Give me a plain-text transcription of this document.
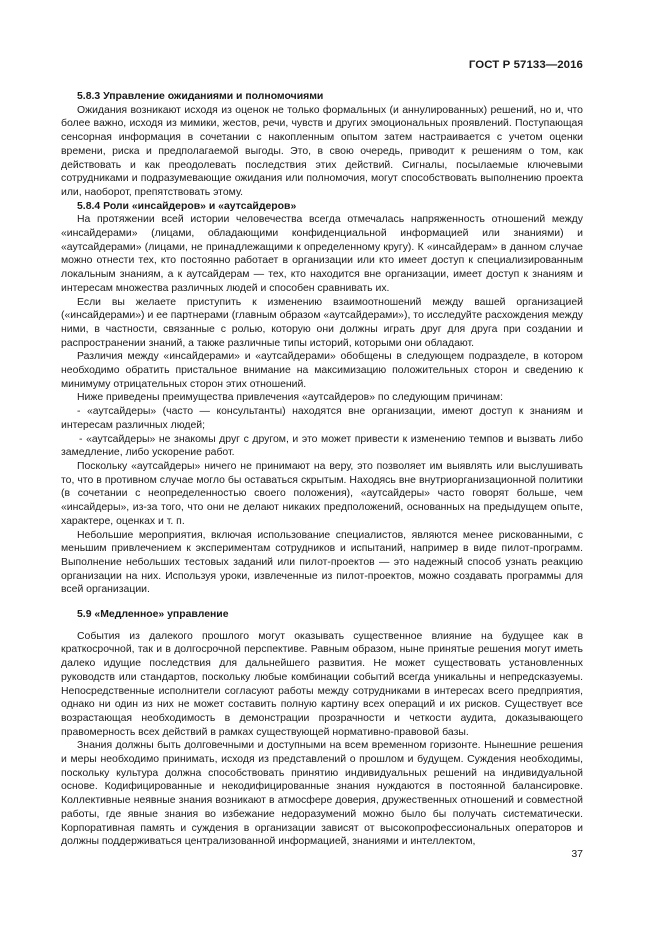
ГОСТ Р 57133—2016

5.8.3 Управление ожиданиями и полномочиями

Ожидания возникают исходя из оценок не только формальных (и аннулированных) решений, но и, что более важно, исходя из мимики, жестов, речи, чувств и других эмоциональных проявлений. Поступающая сенсорная информация в сочетании с накопленным опытом затем настраивается с учетом оценки времени, риска и предполагаемой выгоды. Это, в свою очередь, приводит к решениям о том, как действовать и как преодолевать последствия этих действий. Сигналы, посылаемые ключевыми сотрудниками и подразумевающие ожидания или полномочия, могут способствовать выполнению проекта или, наоборот, препятствовать этому.

5.8.4 Роли «инсайдеров» и «аутсайдеров»

На протяжении всей истории человечества всегда отмечалась напряженность отношений между «инсайдерами» (лицами, обладающими конфиденциальной информацией или знаниями) и «аутсайдерами» (лицами, не принадлежащими к определенному кругу). К «инсайдерам» в данном случае можно отнести тех, кто постоянно работает в организации или кто имеет доступ к специализированным локальным знаниям, а к аутсайдерам — тех, кто находится вне организации, имеет доступ к знаниям и интересам множества различных людей и способен сравнивать их.

Если вы желаете приступить к изменению взаимоотношений между вашей организацией («инсайдерами») и ее партнерами (главным образом «аутсайдерами»), то исследуйте расхождения между ними, в частности, связанные с ролью, которую они должны играть друг для друга при создании и распространении знаний, а также различные типы историй, которыми они обладают.

Различия между «инсайдерами» и «аутсайдерами» обобщены в следующем подразделе, в котором необходимо обратить пристальное внимание на максимизацию положительных сторон и сведению к минимуму отрицательных сторон этих отношений.

Ниже приведены преимущества привлечения «аутсайдеров» по следующим причинам:

- «аутсайдеры» (часто — консультанты) находятся вне организации, имеют доступ к знаниям и интересам различных людей;

- «аутсайдеры» не знакомы друг с другом, и это может привести к изменению темпов и вызвать либо замедление, либо ускорение работ.

Поскольку «аутсайдеры» ничего не принимают на веру, это позволяет им выявлять или выслушивать то, что в противном случае могло бы оставаться скрытым. Находясь вне внутриорганизационной политики (в сочетании с неопределенностью своего положения), «аутсайдеры» часто говорят больше, чем «инсайдеры», из-за того, что они не делают никаких предположений, основанных на предыдущем опыте, характере, оценках и т. п.

Небольшие мероприятия, включая использование специалистов, являются менее рискованными, с меньшим привлечением к экспериментам сотрудников и испытаний, например в виде пилот-программ. Выполнение небольших тестовых заданий или пилот-проектов — это надежный способ узнать реакцию организации на них. Используя уроки, извлеченные из пилот-проектов, можно создавать программы для всей организации.

5.9 «Медленное» управление

События из далекого прошлого могут оказывать существенное влияние на будущее как в краткосрочной, так и в долгосрочной перспективе. Равным образом, ныне принятые решения могут иметь далеко идущие последствия для дальнейшего развития. Не может существовать установленных руководств или стандартов, поскольку любые комбинации событий всегда уникальны и непредсказуемы. Непосредственные исполнители согласуют работы между сотрудниками в интересах всего предприятия, однако ни один из них не может составить полную картину всех операций и их рисков. Существует все возрастающая необходимость в демонстрации прозрачности и четкости аудита, доказывающего правомерность всех действий в рамках существующей нормативно-правовой базы.

Знания должны быть долговечными и доступными на всем временном горизонте. Нынешние решения и меры необходимо принимать, исходя из представлений о прошлом и будущем. Суждения необходимы, поскольку культура должна способствовать принятию индивидуальных решений на индивидуальной основе. Кодифицированные и некодифицированные знания нуждаются в постоянной балансировке. Коллективные неявные знания возникают в атмосфере доверия, дружественных отношений и совместной работы, где явные знания во избежание недоразумений можно было бы получать систематически. Корпоративная память и суждения в организации зависят от высокопрофессиональных операторов и должны поддерживаться централизованной информацией, знаниями и интеллектом,

37
